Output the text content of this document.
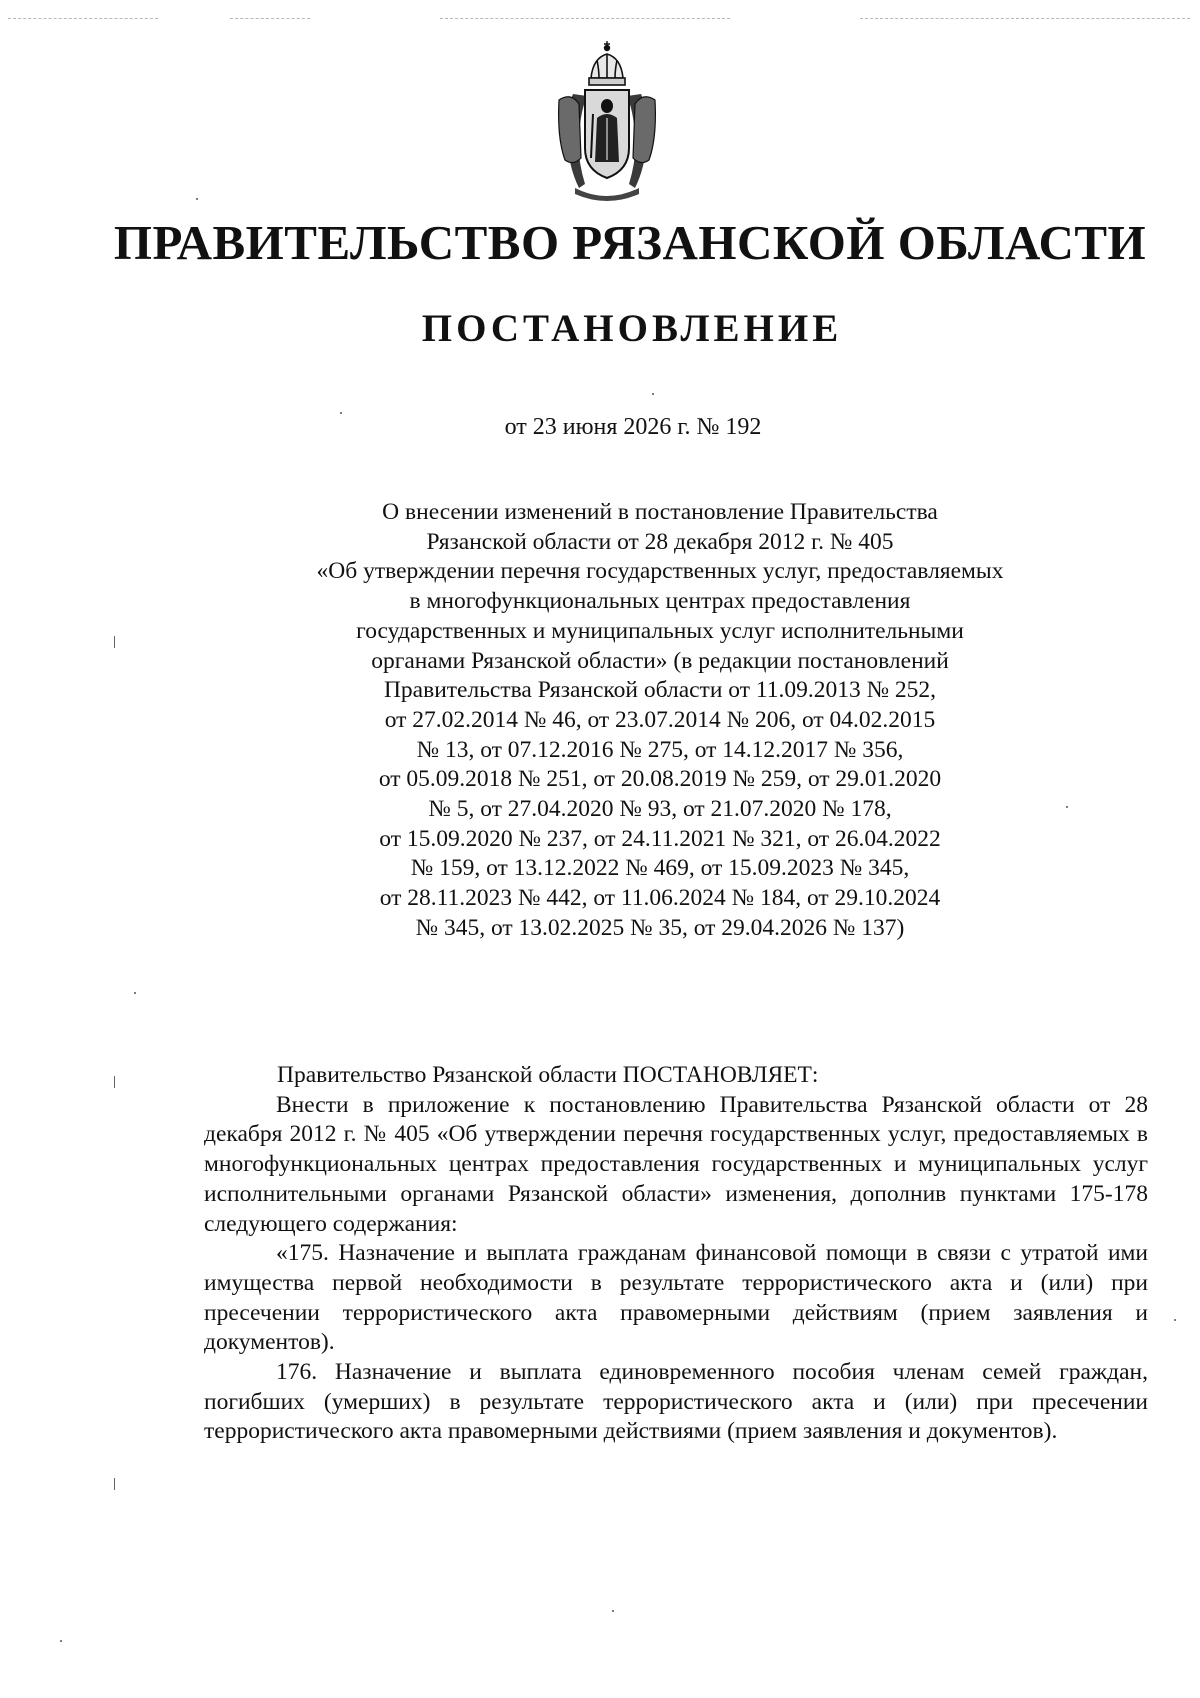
ПРАВИТЕЛЬСТВО РЯЗАНСКОЙ ОБЛАСТИ
ПОСТАНОВЛЕНИЕ
от 23 июня 2026 г. № 192
О внесении изменений в постановление Правительства
Рязанской области от 28 декабря 2012 г. № 405
«Об утверждении перечня государственных услуг, предоставляемых
в многофункциональных центрах предоставления
государственных и муниципальных услуг исполнительными
органами Рязанской области» (в редакции постановлений
Правительства Рязанской области от 11.09.2013 № 252,
от 27.02.2014 № 46, от 23.07.2014 № 206, от 04.02.2015
№ 13, от 07.12.2016 № 275, от 14.12.2017 № 356,
от 05.09.2018 № 251, от 20.08.2019 № 259, от 29.01.2020
№ 5, от 27.04.2020 № 93, от 21.07.2020 № 178,
от 15.09.2020 № 237, от 24.11.2021 № 321, от 26.04.2022
№ 159, от 13.12.2022 № 469, от 15.09.2023 № 345,
от 28.11.2023 № 442, от 11.06.2024 № 184, от 29.10.2024
№ 345, от 13.02.2025 № 35, от 29.04.2026 № 137)
Правительство Рязанской области ПОСТАНОВЛЯЕТ:
Внести в приложение к постановлению Правительства Рязанской области от 28 декабря 2012 г. № 405 «Об утверждении перечня государственных услуг, предоставляемых в многофункциональных центрах предоставления государственных и муниципальных услуг исполнительными органами Рязанской области» изменения, дополнив пунктами 175-178 следующего содержания:
«175. Назначение и выплата гражданам финансовой помощи в связи с утратой ими имущества первой необходимости в результате террористического акта и (или) при пресечении террористического акта правомерными действиям (прием заявления и документов).
176. Назначение и выплата единовременного пособия членам семей граждан, погибших (умерших) в результате террористического акта и (или) при пресечении террористического акта правомерными действиями (прием заявления и документов).
